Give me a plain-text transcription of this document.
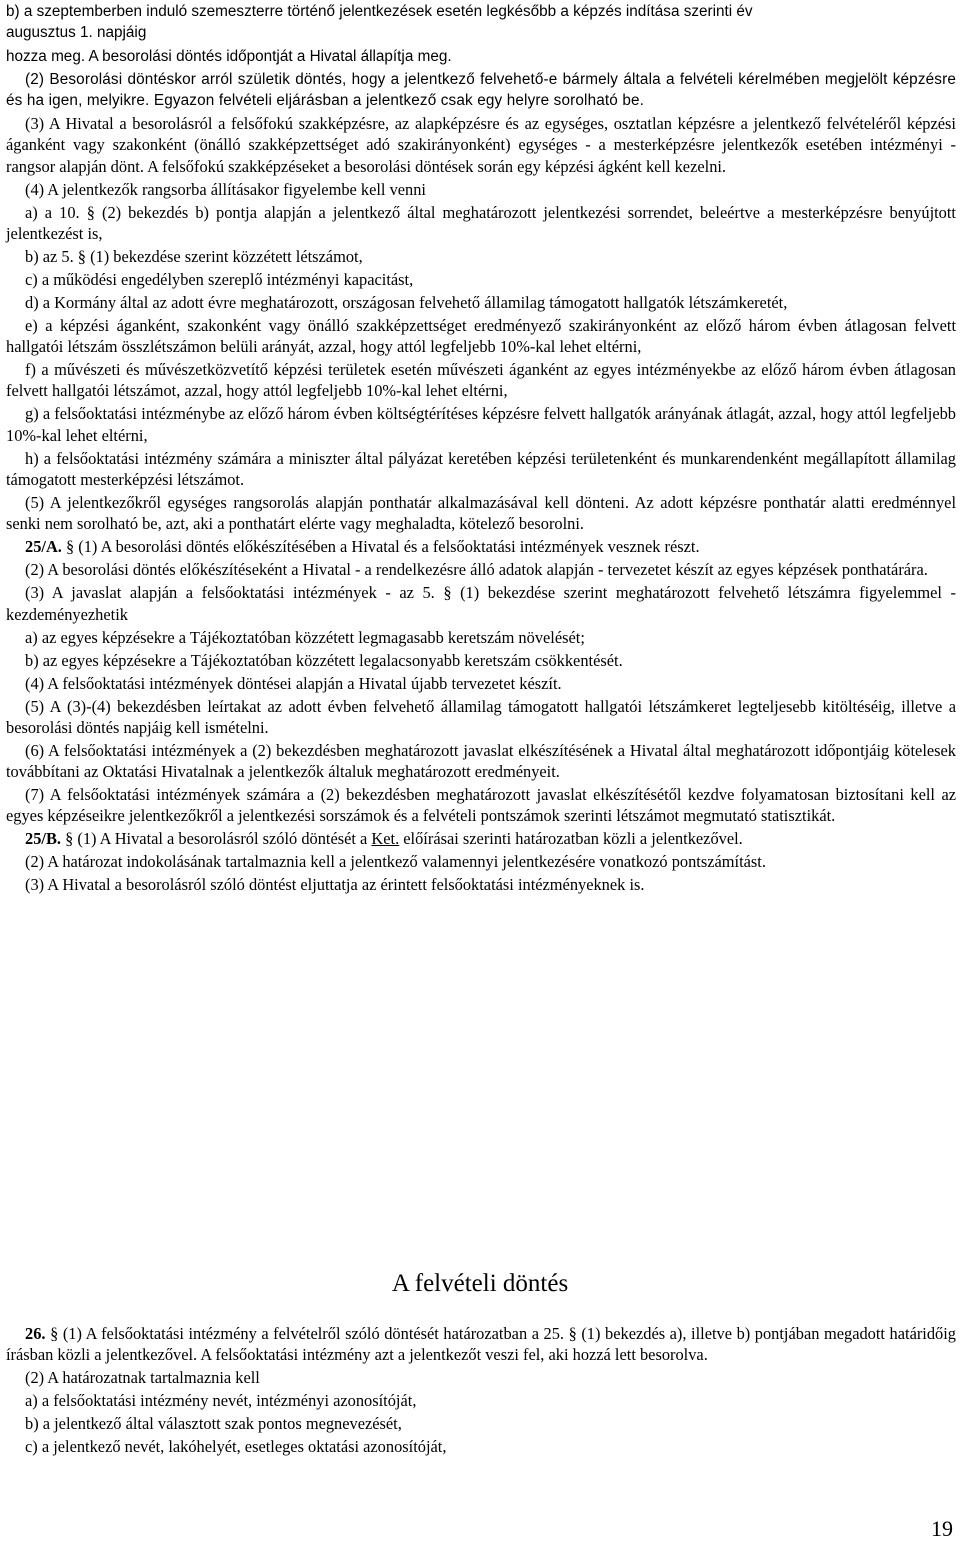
b) a szeptemberben induló szemeszterre történő jelentkezések esetén legkésőbb a képzés indítása szerinti év
augusztus 1. napjáig

hozza meg. A besorolási döntés időpontját a Hivatal állapítja meg.

(2) Besorolási döntéskor arról születik döntés, hogy a jelentkező felvehető-e bármely általa a felvételi kérelmében megjelölt képzésre és ha igen, melyikre. Egyazon felvételi eljárásban a jelentkező csak egy helyre sorolható be.

(3) A Hivatal a besorolásról a felsőfokú szakképzésre, az alapképzésre és az egységes, osztatlan képzésre a jelentkező felvételéről képzési áganként vagy szakonként (önálló szakképzettséget adó szakirányonként) egységes - a mesterképzésre jelentkezők esetében intézményi - rangsor alapján dönt. A felsőfokú szakképzéseket a besorolási döntések során egy képzési ágként kell kezelni.

(4) A jelentkezők rangsorba állításakor figyelembe kell venni

a) a 10. § (2) bekezdés b) pontja alapján a jelentkező által meghatározott jelentkezési sorrendet, beleértve a mesterképzésre benyújtott jelentkezést is,

b) az 5. § (1) bekezdése szerint közzétett létszámot,

c) a működési engedélyben szereplő intézményi kapacitást,

d) a Kormány által az adott évre meghatározott, országosan felvehető államilag támogatott hallgatók létszámkeretét,

e) a képzési áganként, szakonként vagy önálló szakképzettséget eredményező szakirányonként az előző három évben átlagosan felvett hallgatói létszám összlétszámon belüli arányát, azzal, hogy attól legfeljebb 10%-kal lehet eltérni,

f) a művészeti és művészetközvetítő képzési területek esetén művészeti áganként az egyes intézményekbe az előző három évben átlagosan felvett hallgatói létszámot, azzal, hogy attól legfeljebb 10%-kal lehet eltérni,

g) a felsőoktatási intézménybe az előző három évben költségtérítéses képzésre felvett hallgatók arányának átlagát, azzal, hogy attól legfeljebb 10%-kal lehet eltérni,

h) a felsőoktatási intézmény számára a miniszter által pályázat keretében képzési területenként és munkarendenként megállapított államilag támogatott mesterképzési létszámot.

(5) A jelentkezőkről egységes rangsorolás alapján ponthatár alkalmazásával kell dönteni. Az adott képzésre ponthatár alatti eredménnyel senki nem sorolható be, azt, aki a ponthatárt elérte vagy meghaladta, kötelező besorolni.

25/A. § (1) A besorolási döntés előkészítésében a Hivatal és a felsőoktatási intézmények vesznek részt.

(2) A besorolási döntés előkészítéseként a Hivatal - a rendelkezésre álló adatok alapján - tervezetet készít az egyes képzések ponthatárára.

(3) A javaslat alapján a felsőoktatási intézmények - az 5. § (1) bekezdése szerint meghatározott felvehető létszámra figyelemmel - kezdeményezhetik

a) az egyes képzésekre a Tájékoztatóban közzétett legmagasabb keretszám növelését;

b) az egyes képzésekre a Tájékoztatóban közzétett legalacsonyabb keretszám csökkentését.

(4) A felsőoktatási intézmények döntései alapján a Hivatal újabb tervezetet készít.

(5) A (3)-(4) bekezdésben leírtakat az adott évben felvehető államilag támogatott hallgatói létszámkeret legteljesebb kitöltéséig, illetve a besorolási döntés napjáig kell ismételni.

(6) A felsőoktatási intézmények a (2) bekezdésben meghatározott javaslat elkészítésének a Hivatal által meghatározott időpontjáig kötelesek továbbítani az Oktatási Hivatalnak a jelentkezők általuk meghatározott eredményeit.

(7) A felsőoktatási intézmények számára a (2) bekezdésben meghatározott javaslat elkészítésétől kezdve folyamatosan biztosítani kell az egyes képzéseikre jelentkezőkről a jelentkezési sorszámok és a felvételi pontszámok szerinti létszámot megmutató statisztikát.

25/B. § (1) A Hivatal a besorolásról szóló döntését a Ket. előírásai szerinti határozatban közli a jelentkezővel.

(2) A határozat indokolásának tartalmaznia kell a jelentkező valamennyi jelentkezésére vonatkozó pontszámítást.

(3) A Hivatal a besorolásról szóló döntést eljuttatja az érintett felsőoktatási intézményeknek is.

A felvételi döntés

26. § (1) A felsőoktatási intézmény a felvételről szóló döntését határozatban a 25. § (1) bekezdés a), illetve b) pontjában megadott határidőig írásban közli a jelentkezővel. A felsőoktatási intézmény azt a jelentkezőt veszi fel, aki hozzá lett besorolva.

(2) A határozatnak tartalmaznia kell

a) a felsőoktatási intézmény nevét, intézményi azonosítóját,

b) a jelentkező által választott szak pontos megnevezését,

c) a jelentkező nevét, lakóhelyét, esetleges oktatási azonosítóját,

19
